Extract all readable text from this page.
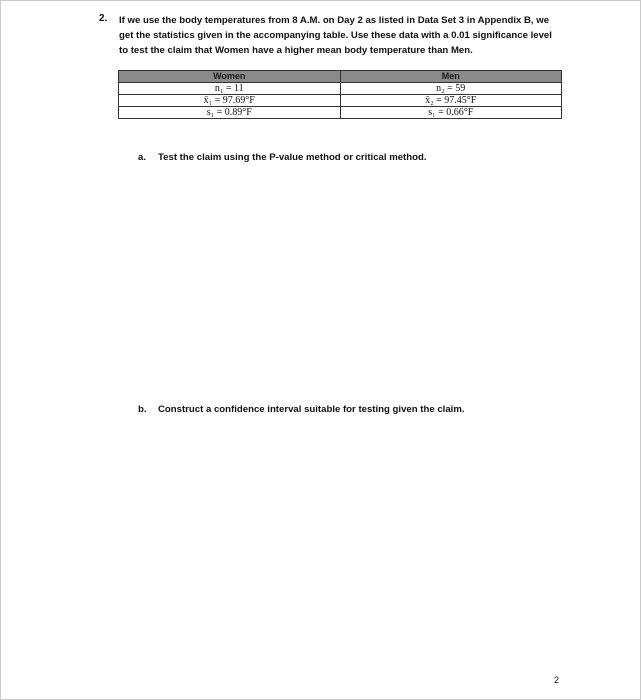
2. If we use the body temperatures from 8 A.M. on Day 2 as listed in Data Set 3 in Appendix B, we
get the statistics given in the accompanying table. Use these data with a 0.01 significance level
to test the claim that Women have a higher mean body temperature than Men.
Women	Men
n₁ = 11	n₂ = 59
x̄₁ = 97.69°F	x̄₂ = 97.45°F
s₁ = 0.89°F	s₁ = 0.66°F
a. Test the claim using the P-value method or critical method.
b. Construct a confidence interval suitable for testing given the claim.
2
